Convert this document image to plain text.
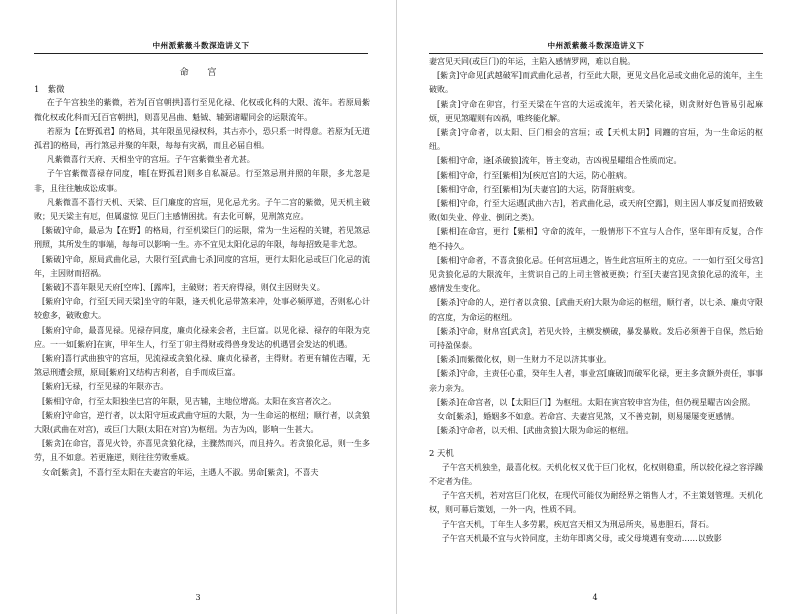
中州派紫薇斗数深造讲义下
命 宫
1　紫微

在子午宫独坐的紫微，若为[百官朝拱]喜行至见化禄、化权或化科的大限、流年。若原局紫微化权或化科而无[百官朝拱]，则喜见昌曲、魁钺、辅弼诸曜同会的运限流年。

若原为【在野孤君】的格局，其年限虽见禄权科，其古亦小，恐只系一时得意。若原为[无道孤君]的格局，再行煞忌并聚的年限，每每有灾祸，而且必届自相。

凡紫微喜行天府、天相坐守的宫垣。子午宫紫微坐者尤甚。

子午宫紫微喜禄存同度，唯[在野孤君]则多自私凝忌。行至煞忌刑并照的年限，多尤忽是非，且往往触成讼成事。

凡紫微喜不喜行天机、天梁、巨门廉度的宫垣，见化忌尤劣。子午二宫的紫微，见天机主破败；见天梁主有厄，但属虚惊 见巨门主感情困扰。有去化可解，见刑煞克应。

[紫破]守命，最忌为【在野】的格局，行至机梁巨门的运限，常为一生运程的关键，若见煞忌刑照，其所发生的事端，每每可以影响一生。亦不宜见太阳化忌的年限，每每招致是非尤忽。

[紫破]守命，原局武曲化忌，大限行至[武曲七杀]同度的宫垣，更行太阳化忌或巨门化忌的流年，主因财而招祸。

[紫破]不喜年限见天府[空库]、[露库]，主破财；若天府得禄，则仅主因财失义。

[紫府]守命，行至[天同天梁]坐守的年限，逢天机化忌带煞来冲，处事必频厚道，否则私心计较愈多，破败愈大。

[紫府]守命，最喜见禄。见禄存同度，廉贞化禄来会者，主巨富。以见化禄、禄存的年限为克应。一一如[紫府]在寅，甲年生人，行至丁卯主得财或得兽身发达的机遇冒会发达的机遇。

[紫府]喜行武曲独守的宫垣，见流禄或贪狼化禄、廉贞化禄者，主得财。若更有辅佐吉曜，无煞忌刑遭会照，原局[紫府]又结构吉利者，自手而成巨富。

[紫府]无禄，行至见禄的年限亦吉。

[紫相]守命，行至太阳独坐巳宫的年限，见吉辅，主地位增高。太阳在亥宫者次之。

[紫府]守命宫，逆行者，以太阳守垣或武曲守垣的大限，为一生命运的枢纽；顺行者，以贪狼大限(武曲在对宫)，或巨门大限(太阳在对宫)为枢纽。为吉为凶，影响一生甚大。

[紫贪]在命宫，喜见火铃，亦喜见贪狼化禄，主骤然而兴，而且持久。若贪狼化忌，则一生多劳，且不如意。若更施逆，则往往劳败垂威。

女命[紫贪]，不喜行至太阳在夫妻宫的年运，主遇人不淑。男命[紫贪]，不喜夫

3
中州派紫薇斗数深造讲义下

妻宫见天同(或巨门)的年运，主陷入感情罗网，难以自脱。

[紫贪]守命见[武越破军]而武曲化忌者，行至此大限，更见文昌化忌或文曲化忌的流年，主生破败。

[紫贪]守命在卯宫，行至天梁在午宫的大运或流年，若天梁化禄，则贪财好色皆易引起麻烦，更见煞曜则有凶祸，唯终能化解。

[紫贪]守命者，以太阳、巨门相会的宫垣；或【天机太阴】同躔的宫垣，为一生命运的枢纽。

[紫相]守命，逢[杀破狼]流年，皆主变动，吉凶视星曜组合性质而定。

[紫相]守命，行至[紫相]为[疾厄宫]的大运，防心脏病。

[紫相]守命，行至[紫相]为[夫妻宫]的大运，防肾脏病变。

[紫相]守命，行至大运遇[武曲六吉]，若武曲化忌，或天府[空露]，则主因人事反复而招致破败(如失业、停业、倒闭之类)。

[紫相]在命宫，更行【紫相】守命的流年，一般情形下不宜与人合作，坚年即有反复，合作绝不持久。

[紫相]守命者，不喜贪狼化忌。任何宫垣遇之，皆生此宫垣所主的克应。一一如行至[父母宫]见贪狼化忌的大限流年，主赏识自己的上司主管被更换；行至[夫妻宫]见贪狼化忌的流年，主感情发生变化。

[紫杀]守命的人，逆行者以贪狼、[武曲天府]大限为命运的枢纽，顺行者，以七杀、廉贞守限的宫度，为命运的枢纽。

[紫杀]守命，财帛宫[武贪]，若见火铃，主横发横破，暴发暴败。发后必须善于自保，然后始可持盈保泰。

[紫杀]而紫微化权，则一生财力不足以济其事业。

[紫杀]守命，主责任心重，癸年生人者，事业宫[廉破]而破军化禄，更主多贪额外责任，事事亲力亲为。

[紫杀]在命宫者，以【太阳巨门】为枢纽。太阳在寅宫较申宫为佳，但仍视星曜吉凶会照。

女命[紫杀]，婚姻多不如意。若命宫、夫妻宫见煞，又不善克制，则易屡屡变更感情。

[紫杀]守命者，以天相、[武曲贪狼]大限为命运的枢纽。

2 天机

子午宫天机独坐，最喜化权。天机化权又优于巨门化权，化权则稳重，所以较化禄之容浮躁不定者为佳。

子午宫天机，若对宫巨门化权，在现代可能仅为耐经界之销售人才，不主策划管理。天机化权，则可幕后策划，一外一内，性质不同。

子午宫天机，丁年生人多劳累，疾厄宫天相又为刑忌所夹，易患胆石，肾石。

子午宫天机最不宜与火铃同度，主幼年即离父母，或父母境遇有变动……以致影

4
